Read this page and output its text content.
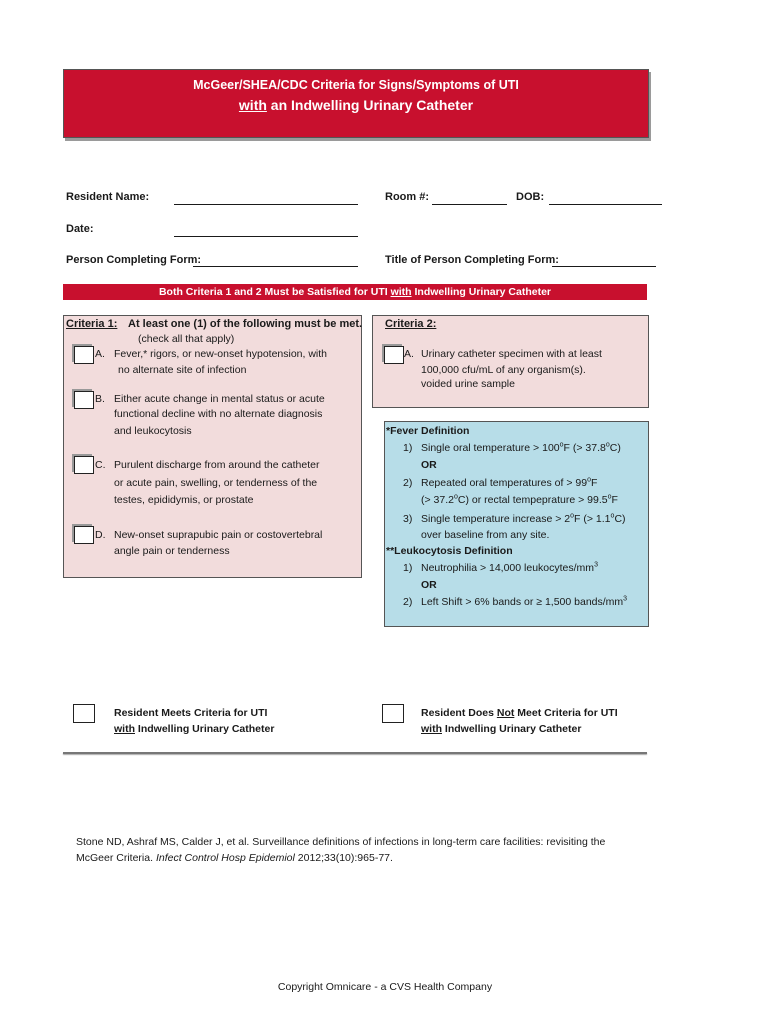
McGeer/SHEA/CDC Criteria for Signs/Symptoms of UTI
with an Indwelling Urinary Catheter
Resident Name:	Room #:	DOB:
Date:
Person Completing Form:	Title of Person Completing Form:
Both Criteria 1 and 2 Must be Satisfied for UTI with Indwelling Urinary Catheter
Criteria 1: At least one (1) of the following must be met.
(check all that apply)
A. Fever,* rigors, or new-onset hypotension, with
no alternate site of infection
B. Either acute change in mental status or acute
functional decline with no alternate diagnosis
and leukocytosis
C. Purulent discharge from around the catheter
or acute pain, swelling, or tenderness of the
testes, epididymis, or prostate
D. New-onset suprapubic pain or costovertebral
angle pain or tenderness
Criteria 2:
A. Urinary catheter specimen with at least
100,000 cfu/mL of any organism(s).
voided urine sample
*Fever Definition
1) Single oral temperature > $100^oF$ (> $37.8^oC$)
OR
2) Repeated oral temperatures of > $99^oF$
(> $37.2^oC$) or rectal tempeprature > $99.5^oF$
3) Single temperature increase > $2^oF$ (> $1.1^oC$)
over baseline from any site.
**Leukocytosis Definition
1) Neutrophilia > 14,000 leukocytes/$mm^3$
OR
2) Left Shift > 6% bands or ≥ 1,500 bands/$mm^3$
Resident Meets Criteria for UTI
with Indwelling Urinary Catheter
Resident Does Not Meet Criteria for UTI
with Indwelling Urinary Catheter
Stone ND, Ashraf MS, Calder J, et al. Surveillance definitions of infections in long-term care facilities: revisiting the
McGeer Criteria. Infect Control Hosp Epidemiol 2012;33(10):965-77.
Copyright Omnicare - a CVS Health Company
